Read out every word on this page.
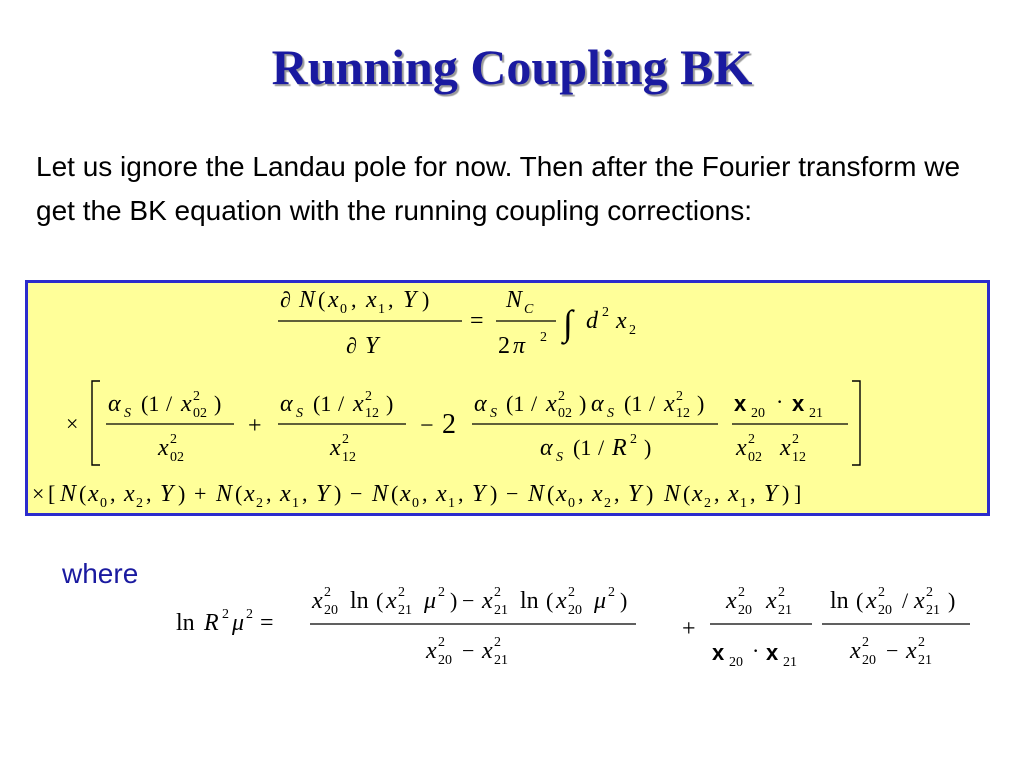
Running Coupling BK
Let us ignore the Landau pole for now. Then after the Fourier transform we get the BK equation with the running coupling corrections:
∂ N ( x 0 , x 1 , Y )
∂ Y
=
N C
2 π 2 ∫ d 2 x 2
×
α S (1 / x 2
02 )
x 2
02
+
α S (1 / x 2
12 )
x 2
12
− 2
α S (1 / x 2
02 ) α S (1 / x 2
12 )
α S (1 / R 2 )
x 20 · x 21
x 2
02 x 2
12
× [ N ( x 0 , x 2 , Y ) + N ( x 2 , x 1 , Y ) − N ( x 0 , x 1 , Y ) − N ( x 0 , x 2 , Y ) N ( x 2 , x 1 , Y ) ]
where
ln R 2 μ 2 =
x 2
20 ln ( x 2
21 μ 2 ) − x 2
21 ln ( x 2
20 μ 2 )
x 2
20 − x 2
21
+
x 2
20 x 2
21
x 20 · x 21
ln ( x 2
20 / x 2
21 )
x 2
20 − x 2
21
